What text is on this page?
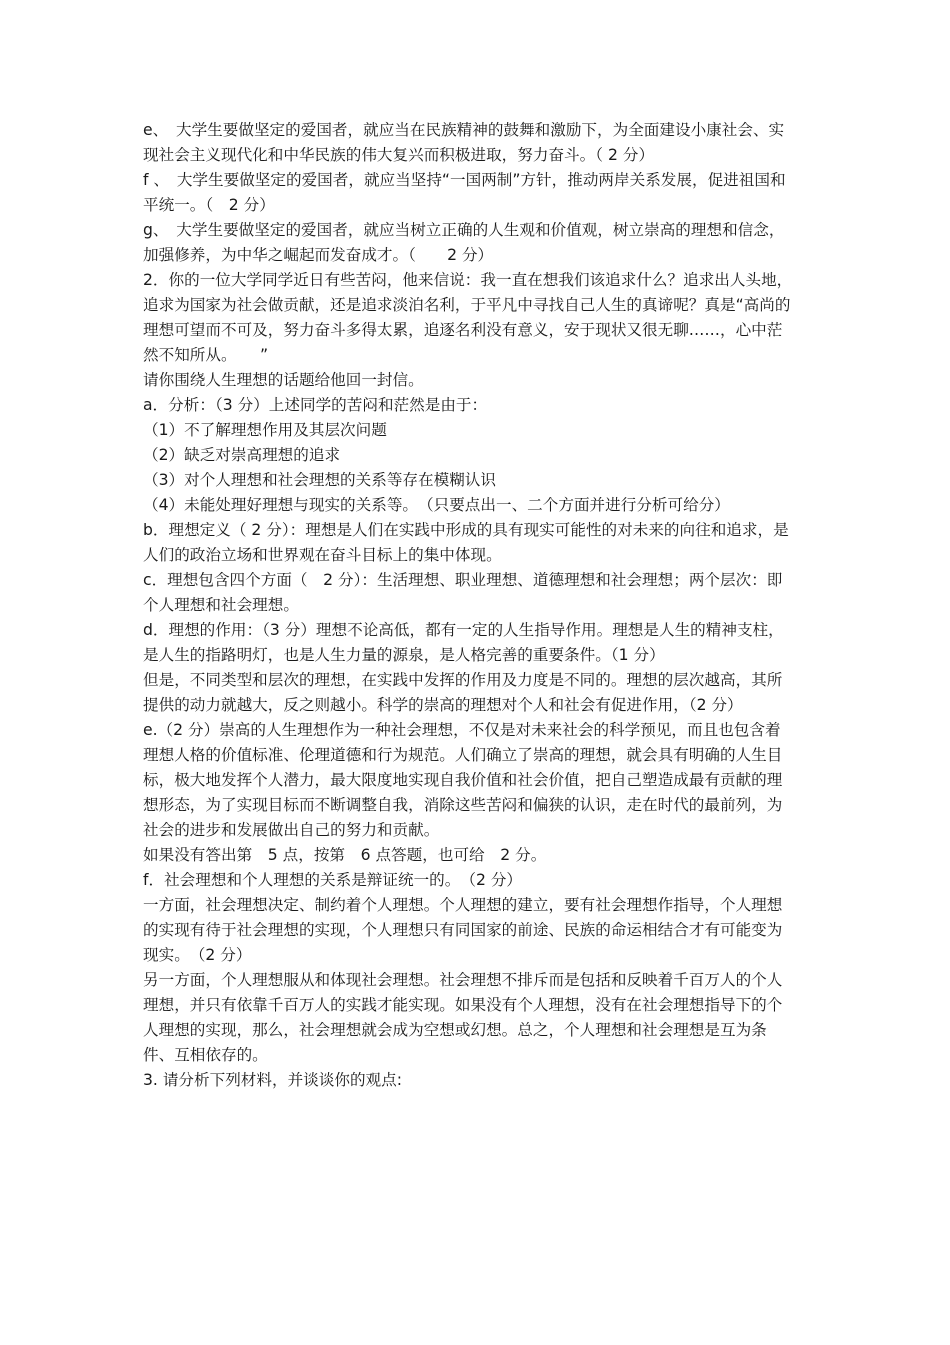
e、　大学生要做坚定的爱国者，就应当在民族精神的鼓舞和激励下，为全面建设小康社会、实现社会主义现代化和中华民族的伟大复兴而积极进取，努力奋斗。（ 2 分）

f 、　大学生要做坚定的爱国者，就应当坚持“一国两制”方针，推动两岸关系发展，促进祖国和平统一。（　2 分）

g、　大学生要做坚定的爱国者，就应当树立正确的人生观和价值观，树立崇高的理想和信念，加强修养，为中华之崛起而发奋成才。（　　2 分）

2．你的一位大学同学近日有些苦闷，他来信说：我一直在想我们该追求什么？追求出人头地，追求为国家为社会做贡献，还是追求淡泊名利，于平凡中寻找自己人生的真谛呢？真是“高尚的理想可望而不可及，努力奋斗多得太累，追逐名利没有意义，安于现状又很无聊……，心中茫然不知所从。　　”

请你围绕人生理想的话题给他回一封信。

a．分析：（3 分）上述同学的苦闷和茫然是由于：

（1）不了解理想作用及其层次问题

（2）缺乏对崇高理想的追求

（3）对个人理想和社会理想的关系等存在模糊认识

（4）未能处理好理想与现实的关系等。　（只要点出一、二个方面并进行分析可给分）

b．理想定义（ 2 分）：理想是人们在实践中形成的具有现实可能性的对未来的向往和追求，是人们的政治立场和世界观在奋斗目标上的集中体现。

c．理想包含四个方面（　2 分）：生活理想、职业理想、道德理想和社会理想；两个层次：即个人理想和社会理想。

d．理想的作用：（3 分）理想不论高低，都有一定的人生指导作用。理想是人生的精神支柱，是人生的指路明灯，也是人生力量的源泉，是人格完善的重要条件。（1 分）

但是，不同类型和层次的理想，在实践中发挥的作用及力度是不同的。理想的层次越高，其所提供的动力就越大，反之则越小。科学的崇高的理想对个人和社会有促进作用，（2 分）

e.（2 分）崇高的人生理想作为一种社会理想，不仅是对未来社会的科学预见，而且也包含着理想人格的价值标准、伦理道德和行为规范。人们确立了崇高的理想，就会具有明确的人生目标，极大地发挥个人潜力，最大限度地实现自我价值和社会价值，把自己塑造成最有贡献的理想形态，为了实现目标而不断调整自我，消除这些苦闷和偏狭的认识，走在时代的最前列，为社会的进步和发展做出自己的努力和贡献。

如果没有答出第　5 点，按第　6 点答题，也可给　2 分。

f．社会理想和个人理想的关系是辩证统一的。　（2 分）

一方面，社会理想决定、制约着个人理想。个人理想的建立，要有社会理想作指导，个人理想的实现有待于社会理想的实现，个人理想只有同国家的前途、民族的命运相结合才有可能变为现实。　（2 分）

另一方面，个人理想服从和体现社会理想。社会理想不排斥而是包括和反映着千百万人的个人理想，并只有依靠千百万人的实践才能实现。如果没有个人理想，没有在社会理想指导下的个人理想的实现，那么，社会理想就会成为空想或幻想。总之，个人理想和社会理想是互为条件、互相依存的。

3. 请分析下列材料，并谈谈你的观点:
